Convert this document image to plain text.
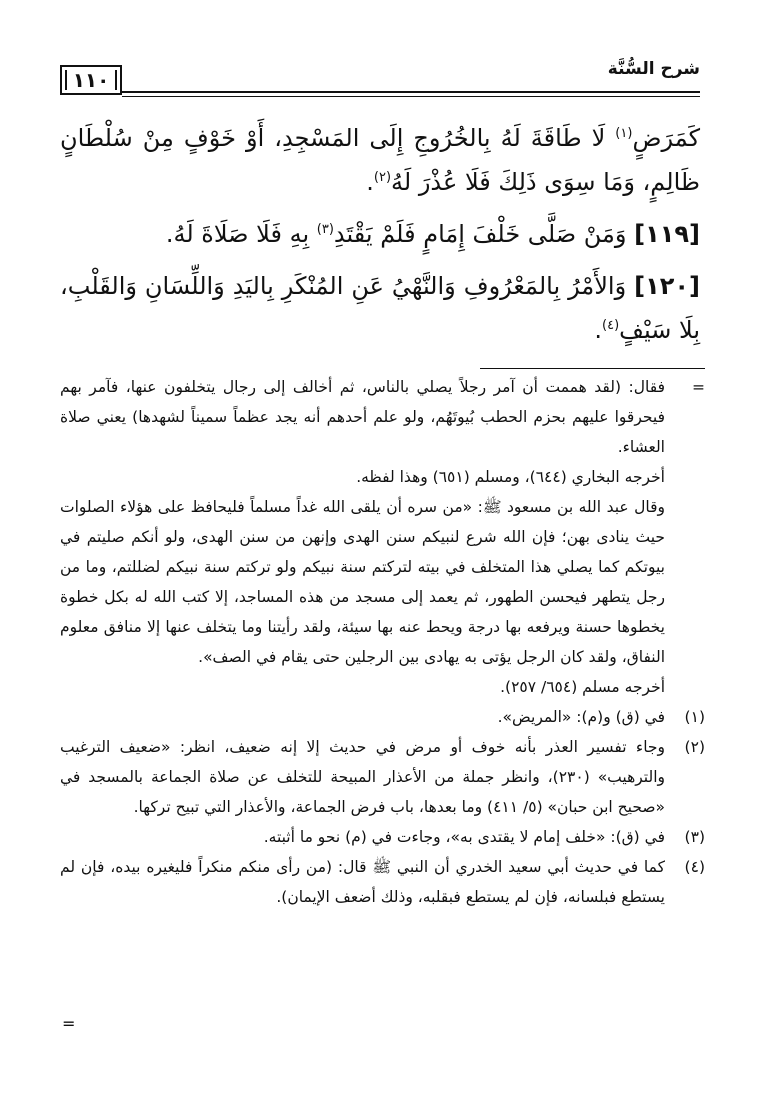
١١٠	شرح السُّنَّة

كَمَرَضٍ$^{(١)}$ لَا طَاقَةَ لَهُ بِالخُرُوجِ إِلَى المَسْجِدِ، أَوْ خَوْفٍ مِنْ سُلْطَانٍ ظَالِمٍ، وَمَا سِوَى ذَلِكَ فَلَا عُذْرَ لَهُ$^{(٢)}$.

[١١٩] وَمَنْ صَلَّى خَلْفَ إِمَامٍ فَلَمْ يَقْتَدِ$^{(٣)}$ بِهِ فَلَا صَلَاةَ لَهُ.

[١٢٠] وَالأَمْرُ بِالمَعْرُوفِ وَالنَّهْيُ عَنِ المُنْكَرِ بِاليَدِ وَاللِّسَانِ وَالقَلْبِ، بِلَا سَيْفٍ$^{(٤)}$.

=

فقال: (لقد هممت أن آمر رجلاً يصلي بالناس، ثم أخالف إلى رجال يتخلفون عنها، فآمر بهم فيحرقوا عليهم بحزم الحطب بُيوتَهُم، ولو علم أحدهم أنه يجد عظماً سميناً لشهدها) يعني صلاة العشاء.

أخرجه البخاري (٦٤٤)، ومسلم (٦٥١) وهذا لفظه.

وقال عبد الله بن مسعود ﷺ: «من سره أن يلقى الله غداً مسلماً فليحافظ على هؤلاء الصلوات حيث ينادى بهن؛ فإن الله شرع لنبيكم سنن الهدى وإنهن من سنن الهدى، ولو أنكم صليتم في بيوتكم كما يصلي هذا المتخلف في بيته لتركتم سنة نبيكم ولو تركتم سنة نبيكم لضللتم، وما من رجل يتطهر فيحسن الطهور، ثم يعمد إلى مسجد من هذه المساجد، إلا كتب الله له بكل خطوة يخطوها حسنة ويرفعه بها درجة ويحط عنه بها سيئة، ولقد رأيتنا وما يتخلف عنها إلا منافق معلوم النفاق، ولقد كان الرجل يؤتى به يهادى بين الرجلين حتى يقام في الصف».

أخرجه مسلم (٦٥٤/ ٢٥٧).

(١)
في (ق) و(م): «المريض».
(٢)
وجاء تفسير العذر بأنه خوف أو مرض في حديث إلا إنه ضعيف، انظر: «ضعيف الترغيب والترهيب» (٢٣٠)، وانظر جملة من الأعذار المبيحة للتخلف عن صلاة الجماعة بالمسجد في «صحيح ابن حبان» (٥/ ٤١١) وما بعدها، باب فرض الجماعة، والأعذار التي تبيح تركها.
(٣)
في (ق): «خلف إمام لا يقتدى به»، وجاءت في (م) نحو ما أثبته.
(٤)
كما في حديث أبي سعيد الخدري أن النبي ﷺ قال: (من رأى منكم منكراً فليغيره بيده، فإن لم يستطع فبلسانه، فإن لم يستطع فبقلبه، وذلك أضعف الإيمان).
=
